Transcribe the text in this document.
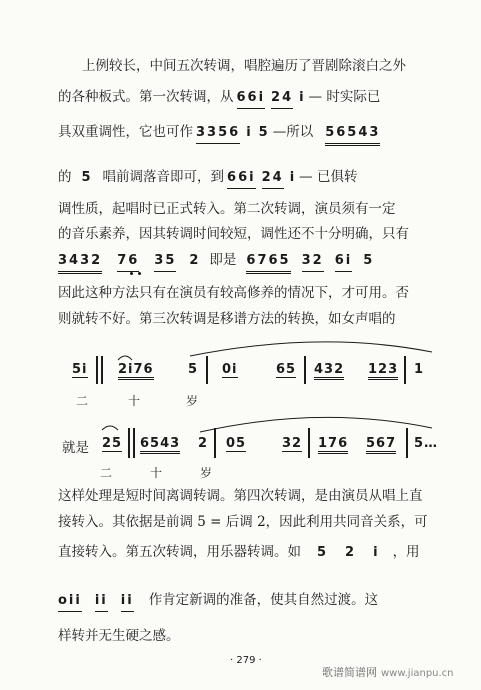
上例较长，中间五次转调，唱腔遍历了晋剧除滚白之外
的各种板式。第一次转调，从 66i 24 i — 时实际已
具双重调性，它也可作 3356 i 5 —所以 56543
的 5 唱前调落音即可，到 66i 24 i — 已俱转
调性质，起唱时已正式转入。第二次转调，演员须有一定
的音乐素养，因其转调时间较短，调性还不十分明确，只有
3432 76 35 2 即是 6765 32 6i 5
因此这种方法只有在演员有较高修养的情况下，才可用。否
则就转不好。第三次转调是移谱方法的转换，如女声唱的
5i 2i76	5 0i	65 432 123 1
二	十	岁
就是 25 6543 2 05	32 176 567 5…
二	十	岁
这样处理是短时间离调转调。第四次转调，是由演员从唱上直
接转入。其依据是前调 5 = 后调 2，因此利用共同音关系，可
直接转入。第五次转调，用乐器转调。如 5 2 i ，用
oii ii ii 作肯定新调的准备，使其自然过渡。这
样转并无生硬之感。
· 279 ·
歌谱简谱网 www.jianpu.cn
